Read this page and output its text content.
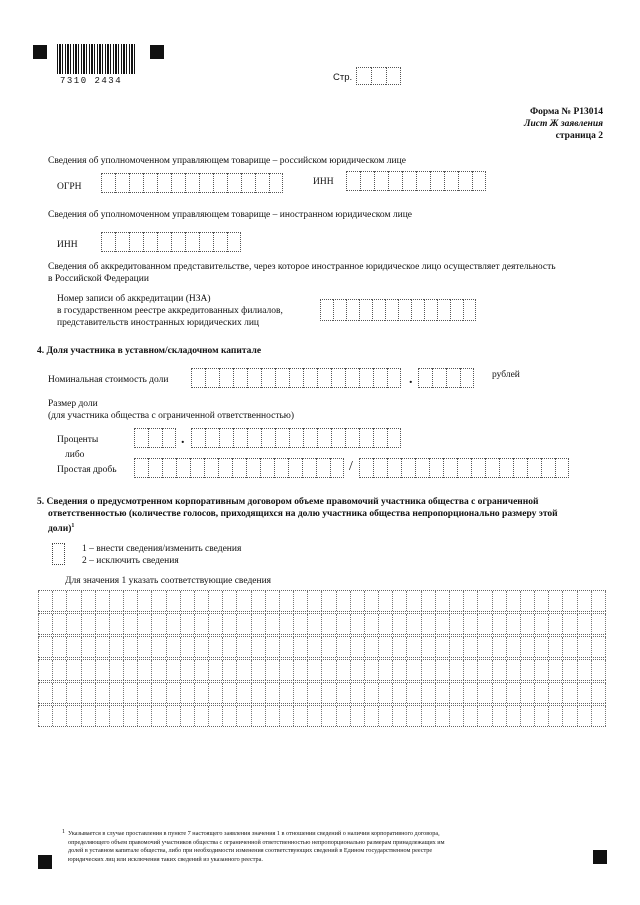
7310 2434	Стр.
Форма № Р13014
Лист Ж заявления
страница 2
Сведения об уполномоченном управляющем товарище – российском юридическом лице
ОГРН	ИНН
Сведения об уполномоченном управляющем товарище – иностранном юридическом лице
ИНН
Сведения об аккредитованном представительстве, через которое иностранное юридическое лицо осуществляет деятельность
в Российской Федерации
Номер записи об аккредитации (НЗА)
в государственном реестре аккредитованных филиалов,
представительств иностранных юридических лиц
4. Доля участника в уставном/складочном капитале
Номинальная стоимость доли	.	рублей
Размер доли
(для участника общества с ограниченной ответственностью)
Проценты	.
либо
Простая дробь	/
5. Сведения о предусмотренном корпоративным договором объеме правомочий участника общества с ограниченной
ответственностью (количестве голосов, приходящихся на долю участника общества непропорционально размеру этой
доли)$^1$
1 – внести сведения/изменить сведения
2 – исключить сведения
Для значения 1 указать соответствующие сведения
1 Указывается в случае проставления в пункте 7 настоящего заявления значения 1 в отношении сведений о наличии корпоративного договора,
определяющего объем правомочий участников общества с ограниченной ответственностью непропорционально размерам принадлежащих им
долей в уставном капитале общества, либо при необходимости изменения соответствующих сведений в Едином государственном реестре
юридических лиц или исключения таких сведений из указанного реестра.
